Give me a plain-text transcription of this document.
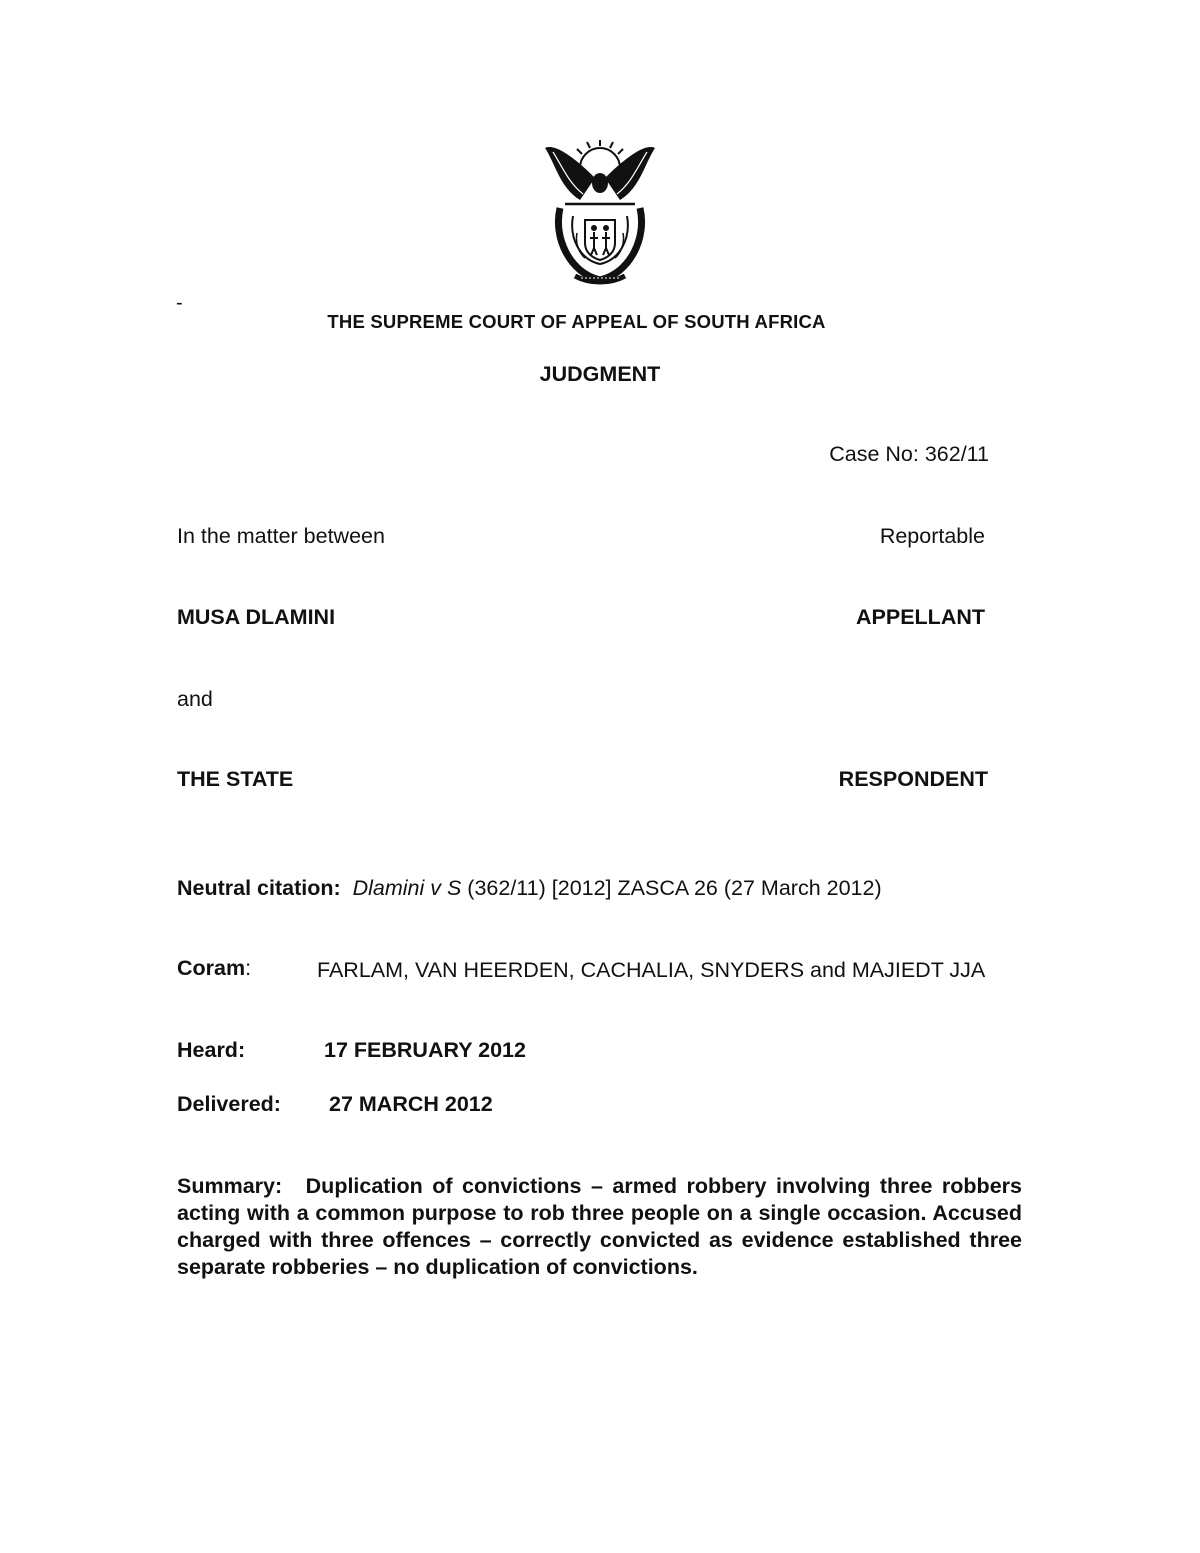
-
THE SUPREME COURT OF APPEAL OF SOUTH AFRICA
JUDGMENT
Case No: 362/11
In the matter between	Reportable
MUSA DLAMINI	APPELLANT
and
THE STATE	RESPONDENT
Neutral citation: Dlamini v S (362/11) [2012] ZASCA 26 (27 March 2012)
Coram:	FARLAM, VAN HEERDEN, CACHALIA, SNYDERS and MAJIEDT JJA
Heard:	17 FEBRUARY 2012
Delivered: 27 MARCH 2012
Summary: Duplication of convictions – armed robbery involving three robbers acting with a common purpose to rob three people on a single occasion. Accused charged with three offences – correctly convicted as evidence established three separate robberies – no duplication of convictions.
